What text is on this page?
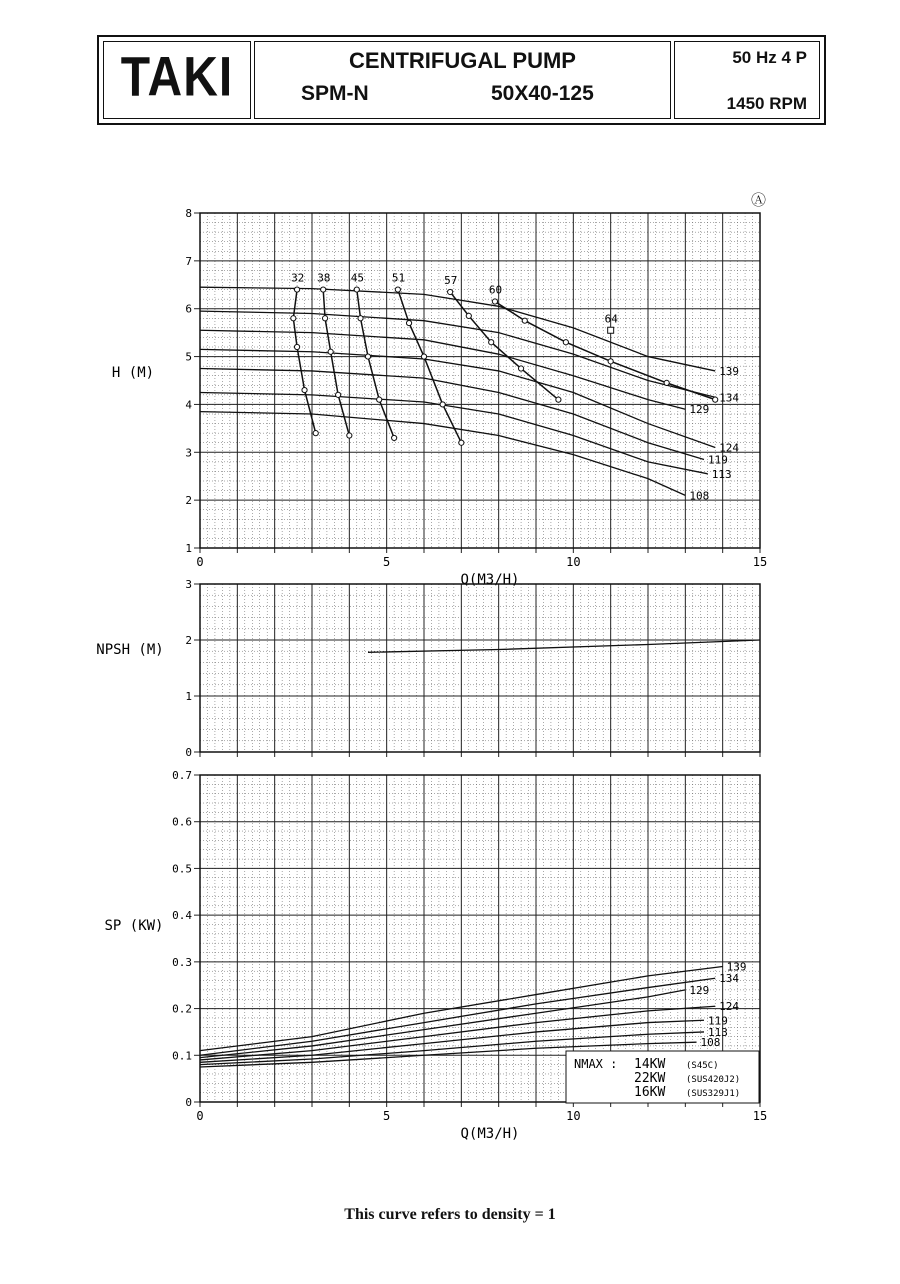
TAKI	CENTRIFUGAL PUMP
SPM-N	50X40-125
50 Hz 4 P
1450 RPM
1
2
3
4
5
6
7
8
0	5	10	15
Q(M3/H)
H (M)	139
134
129
124
119
113
108
32 38 45	51	57
60
64
0
1
2
3
NPSH (M)
0
0.1
0.2
0.3
0.4
0.5
0.6
0.7
0	5	10	15
Q(M3/H)
SP (KW)
139
134
129
124
119
113
108
Ⓐ
NMAX : 14KW (S45C)
22KW (SUS420J2)
16KW (SUS329J1)
This curve refers to density = 1
